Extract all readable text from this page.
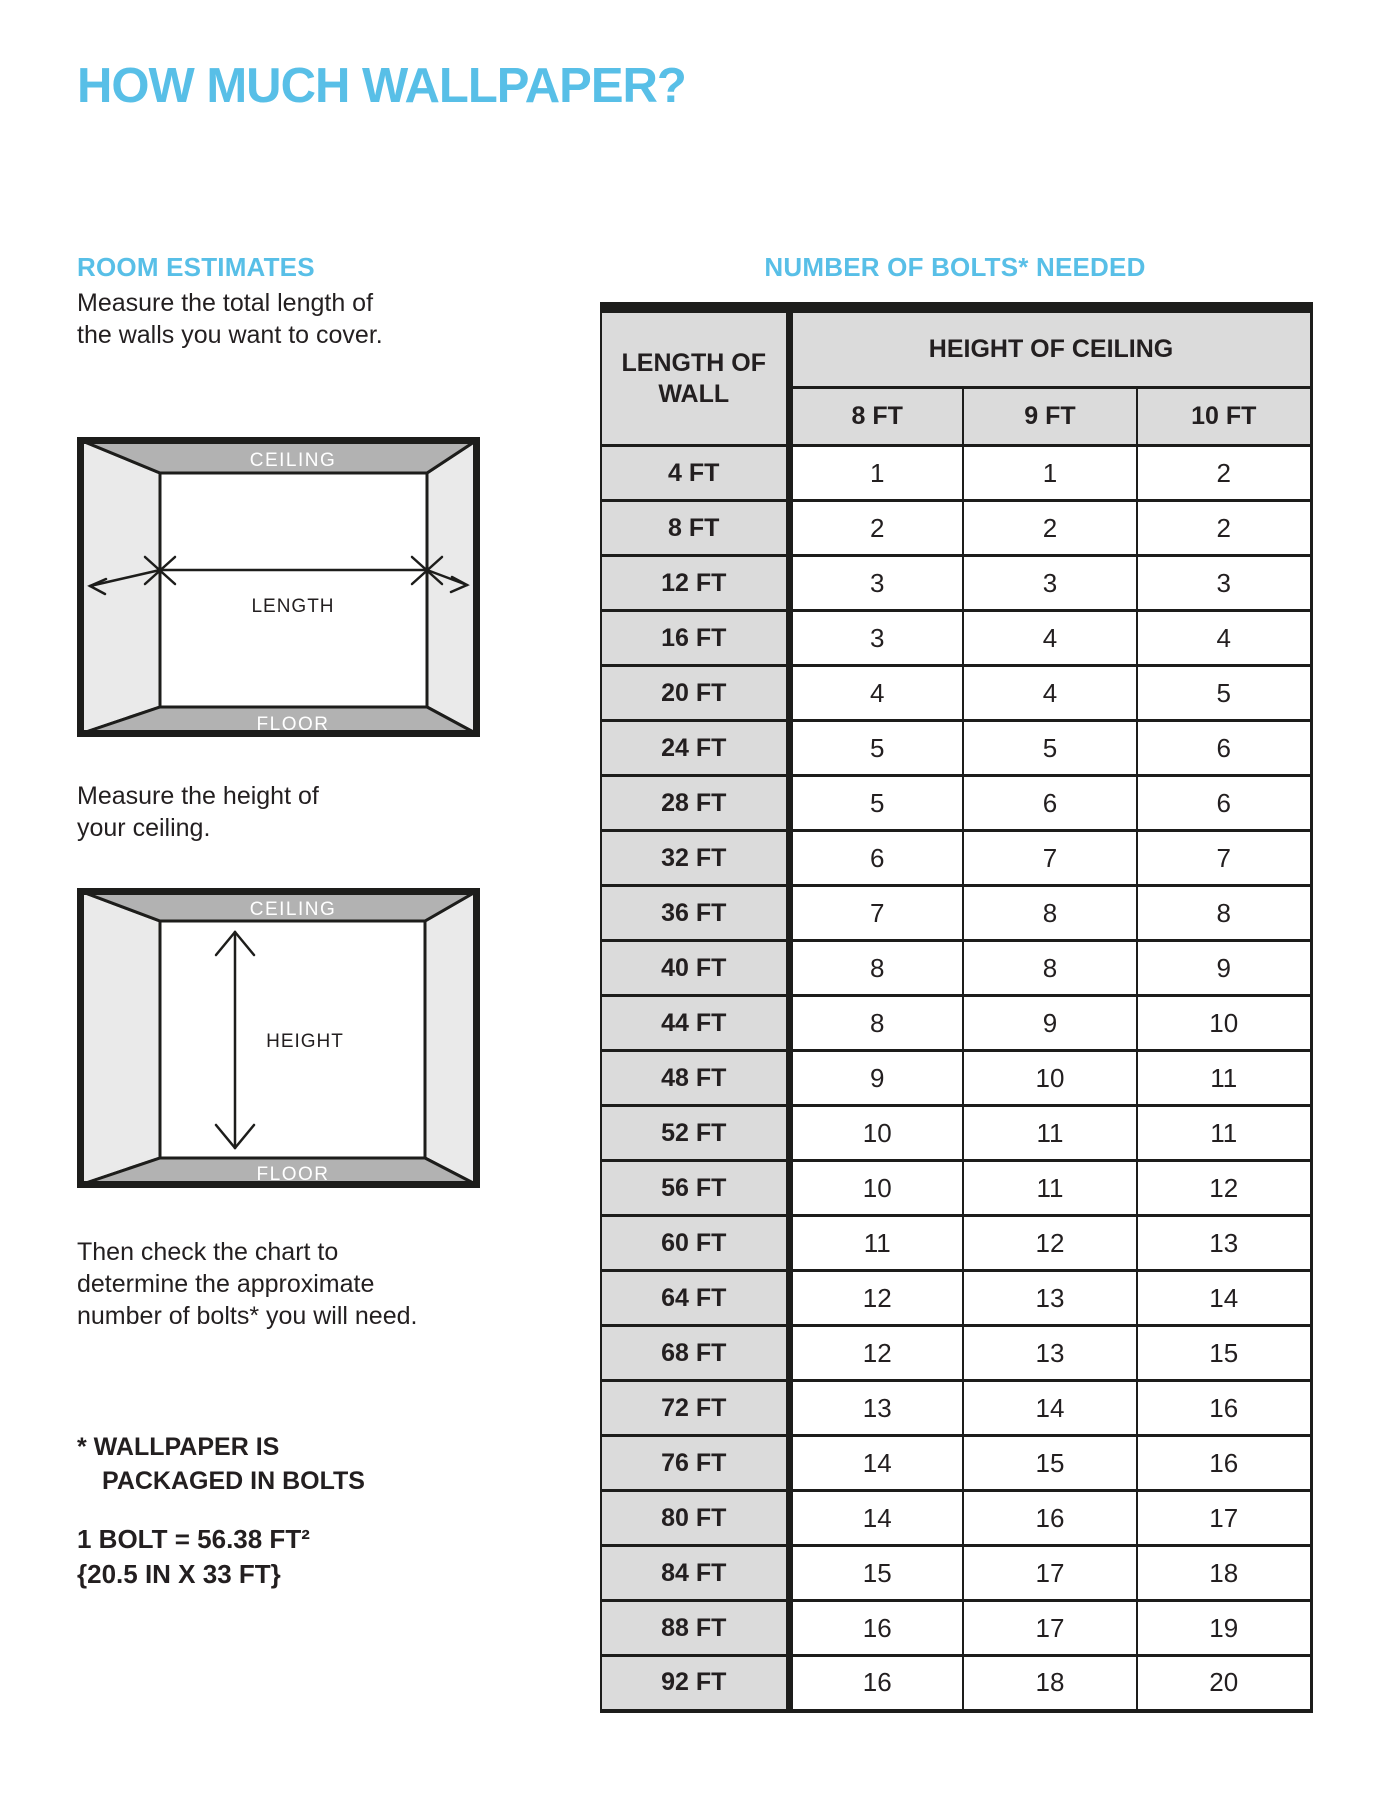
HOW MUCH WALLPAPER?
ROOM ESTIMATES
Measure the total length of
the walls you want to cover.
CEILING
LENGTH
FLOOR
Measure the height of
your ceiling.
CEILING
HEIGHT
FLOOR
Then check the chart to
determine the approximate
number of bolts* you will need.
* WALLPAPER IS
PACKAGED IN BOLTS
1 BOLT = 56.38 FT²
{20.5 IN X 33 FT}
NUMBER OF BOLTS* NEEDED
LENGTH OF WALL	HEIGHT OF CEILING		
	8 FT	9 FT	10 FT
4 FT	1	1	2
8 FT	2	2	2
12 FT	3	3	3
16 FT	3	4	4
20 FT	4	4	5
24 FT	5	5	6
28 FT	5	6	6
32 FT	6	7	7
36 FT	7	8	8
40 FT	8	8	9
44 FT	8	9	10
48 FT	9	10	11
52 FT	10	11	11
56 FT	10	11	12
60 FT	11	12	13
64 FT	12	13	14
68 FT	12	13	15
72 FT	13	14	16
76 FT	14	15	16
80 FT	14	16	17
84 FT	15	17	18
88 FT	16	17	19
92 FT	16	18	20
